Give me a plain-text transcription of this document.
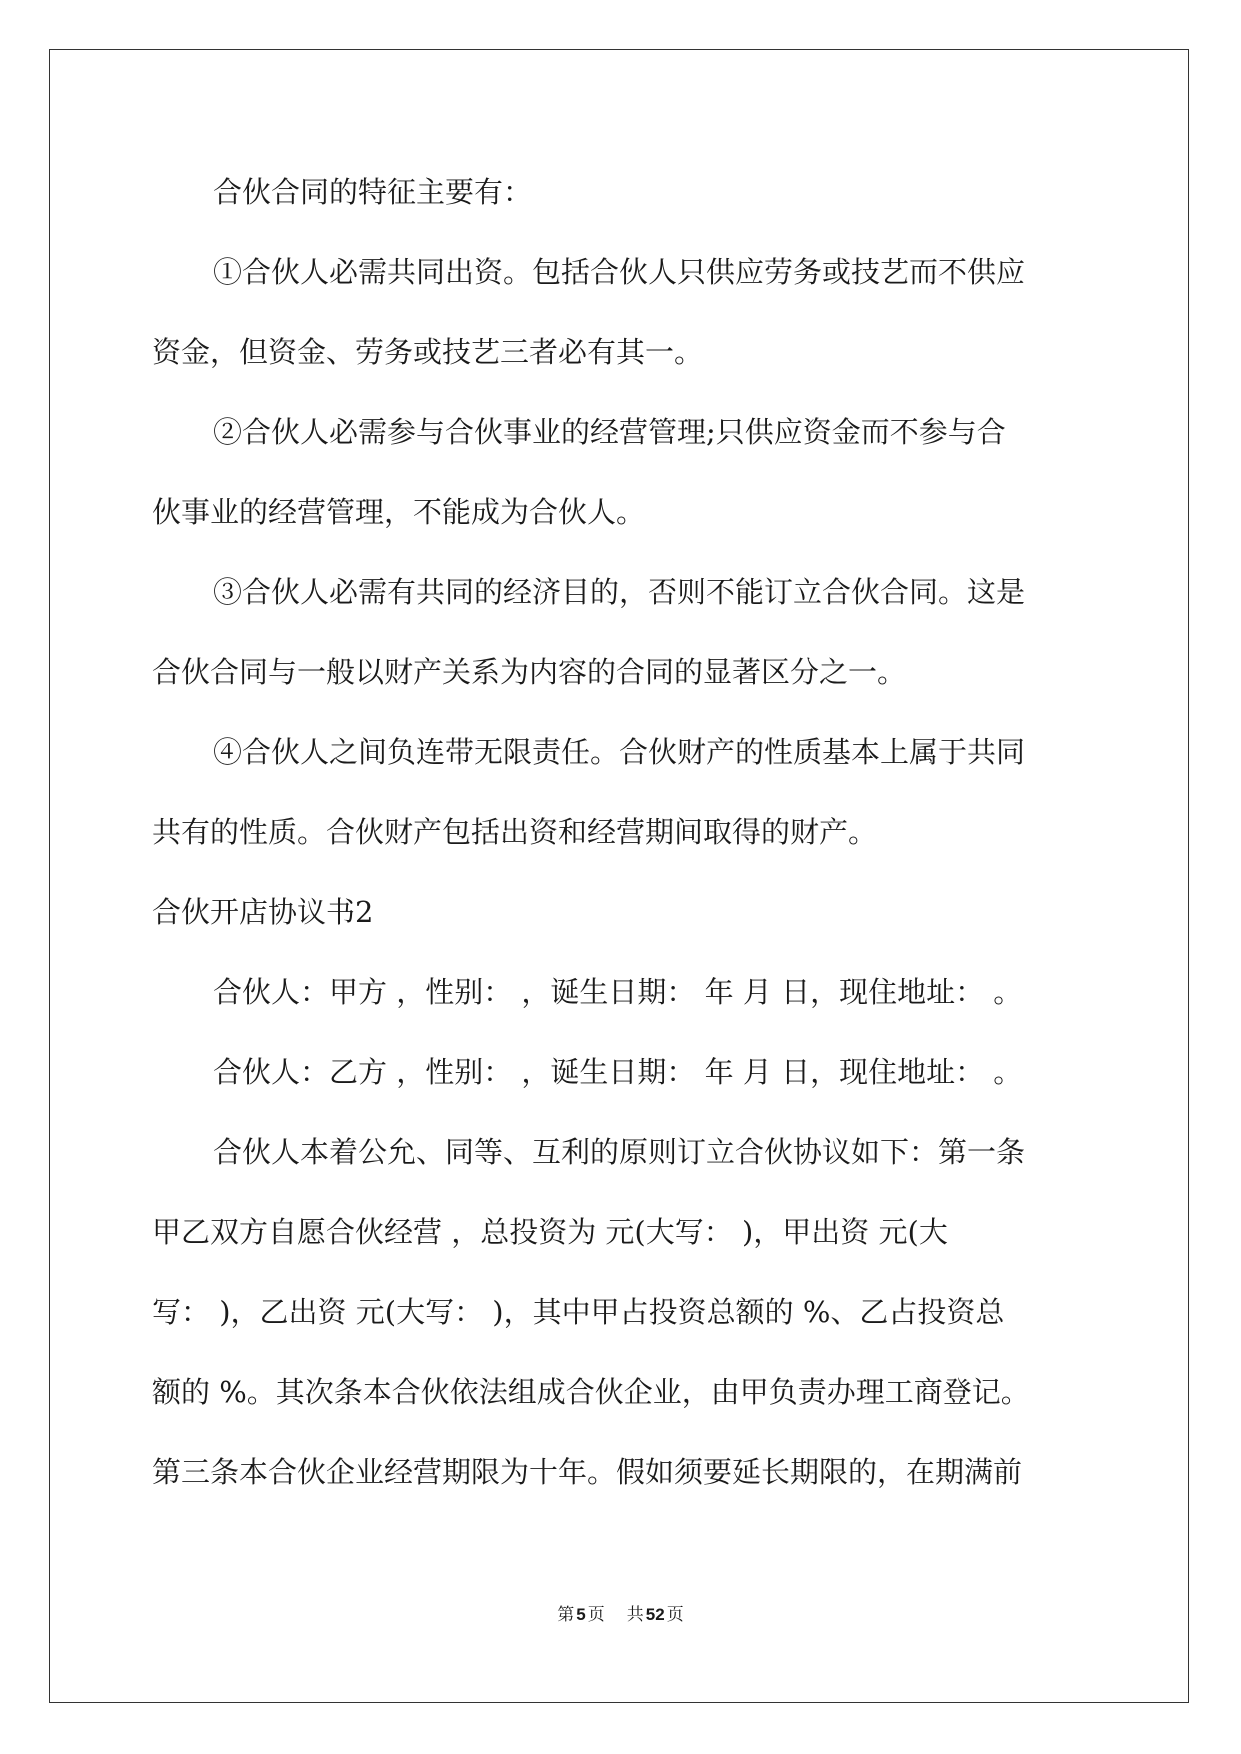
合伙合同的特征主要有：
①合伙人必需共同出资。包括合伙人只供应劳务或技艺而不供应
资金，但资金、劳务或技艺三者必有其一。
②合伙人必需参与合伙事业的经营管理;只供应资金而不参与合
伙事业的经营管理，不能成为合伙人。
③合伙人必需有共同的经济目的，否则不能订立合伙合同。这是
合伙合同与一般以财产关系为内容的合同的显著区分之一。
④合伙人之间负连带无限责任。合伙财产的性质基本上属于共同
共有的性质。合伙财产包括出资和经营期间取得的财产。
合伙开店协议书2
合伙人：甲方 ，性别： ，诞生日期： 年 月 日，现住地址： 。
合伙人：乙方 ，性别： ，诞生日期： 年 月 日，现住地址： 。
合伙人本着公允、同等、互利的原则订立合伙协议如下：第一条
甲乙双方自愿合伙经营 ，总投资为 元(大写： )，甲出资 元(大
写： )，乙出资 元(大写： )，其中甲占投资总额的 %、乙占投资总
额的 %。其次条本合伙依法组成合伙企业，由甲负责办理工商登记。
第三条本合伙企业经营期限为十年。假如须要延长期限的，在期满前
第 5 页 共 52 页
